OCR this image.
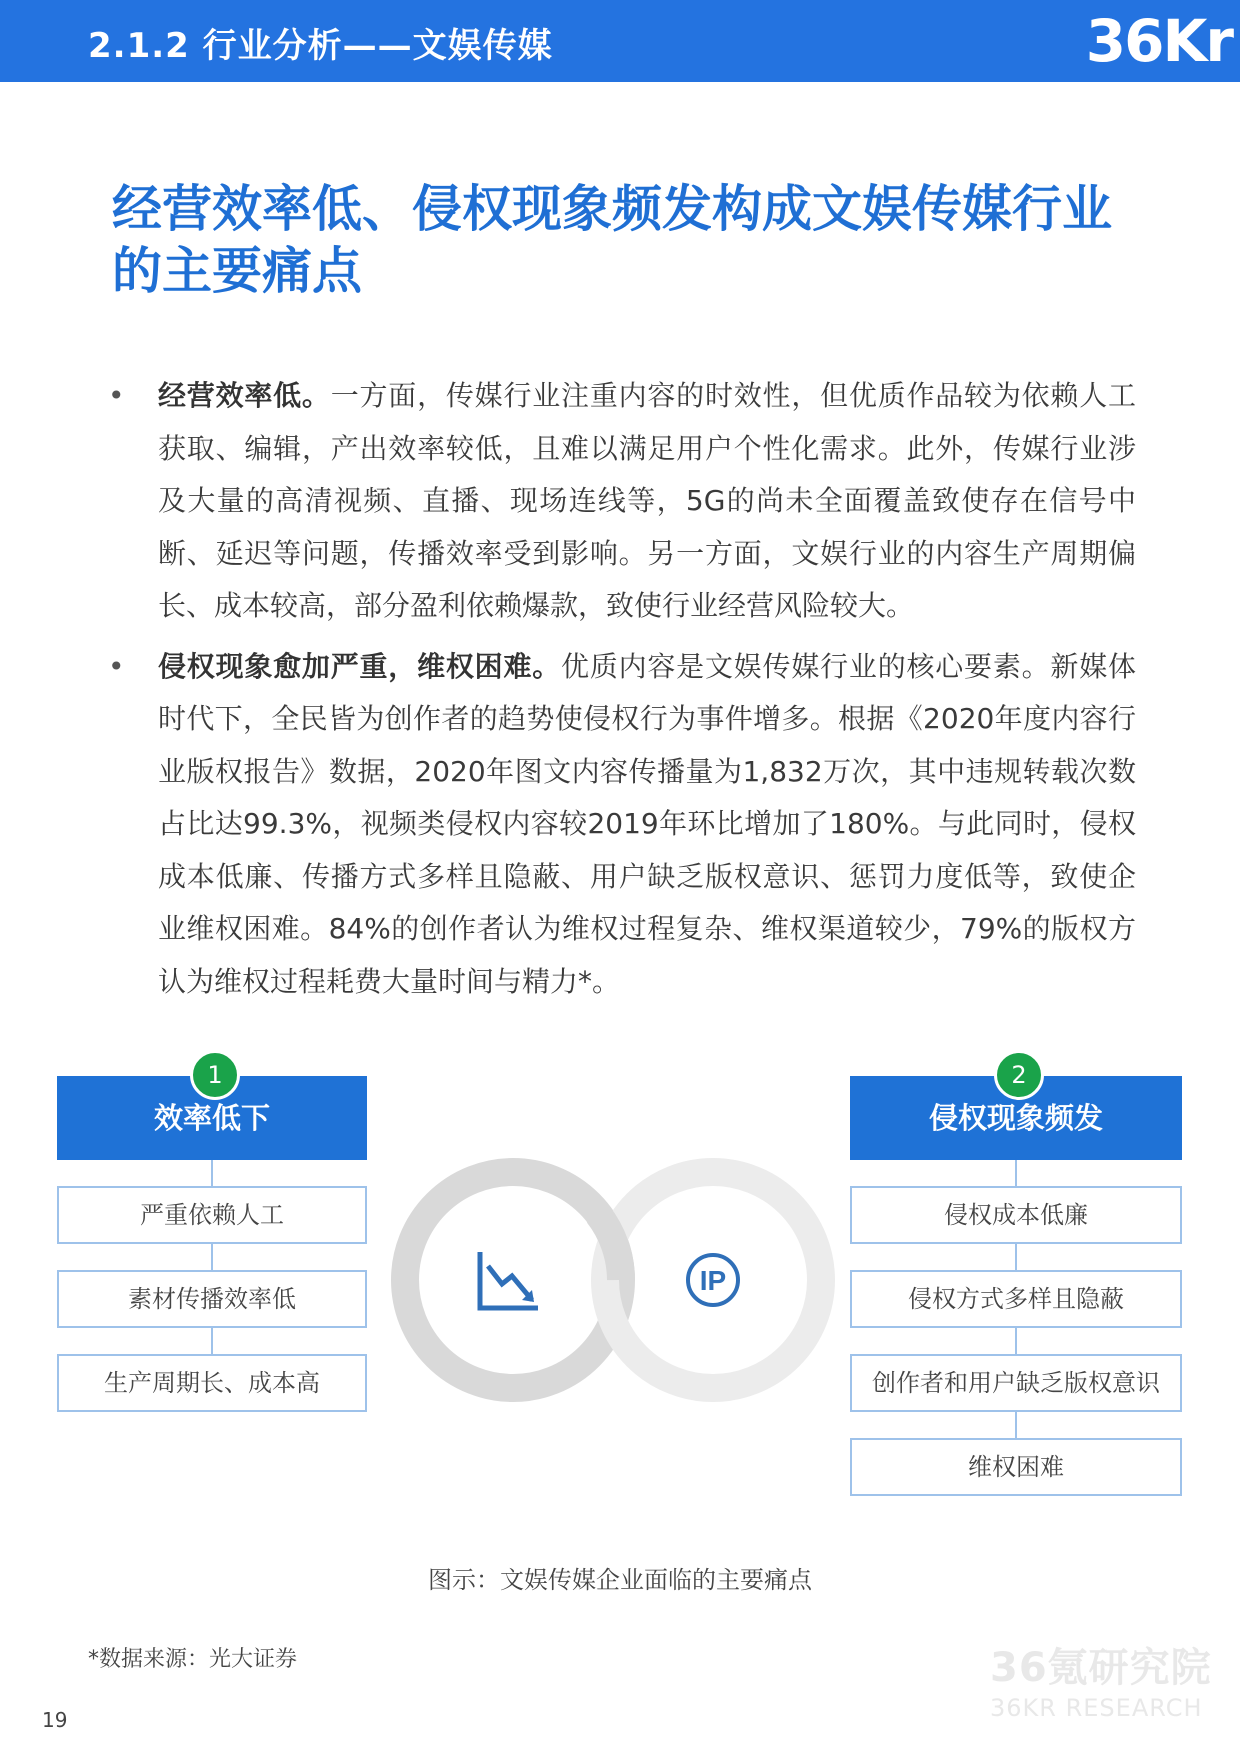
2.1.2 行业分析——文娱传媒	36Kr
经营效率低、侵权现象频发构成文娱传媒行业的主要痛点
• 经营效率低。一方面，传媒行业注重内容的时效性，但优质作品较为依赖人工获取、编辑，产出效率较低，且难以满足用户个性化需求。此外，传媒行业涉及大量的高清视频、直播、现场连线等，5G的尚未全面覆盖致使存在信号中断、延迟等问题，传播效率受到影响。另一方面，文娱行业的内容生产周期偏长、成本较高，部分盈利依赖爆款，致使行业经营风险较大。
• 侵权现象愈加严重，维权困难。优质内容是文娱传媒行业的核心要素。新媒体时代下，全民皆为创作者的趋势使侵权行为事件增多。根据《2020年度内容行业版权报告》数据，2020年图文内容传播量为1,832万次，其中违规转载次数占比达99.3%，视频类侵权内容较2019年环比增加了180%。与此同时，侵权成本低廉、传播方式多样且隐蔽、用户缺乏版权意识、惩罚力度低等，致使企业维权困难。84%的创作者认为维权过程复杂、维权渠道较少，79%的版权方认为维权过程耗费大量时间与精力*。
1
效率低下
严重依赖人工
素材传播效率低
生产周期长、成本高
IP
2
侵权现象频发
侵权成本低廉
侵权方式多样且隐蔽
创作者和用户缺乏版权意识
维权困难
图示：文娱传媒企业面临的主要痛点
*数据来源：光大证券
19
36氪研究院
36KR RESEARCH
